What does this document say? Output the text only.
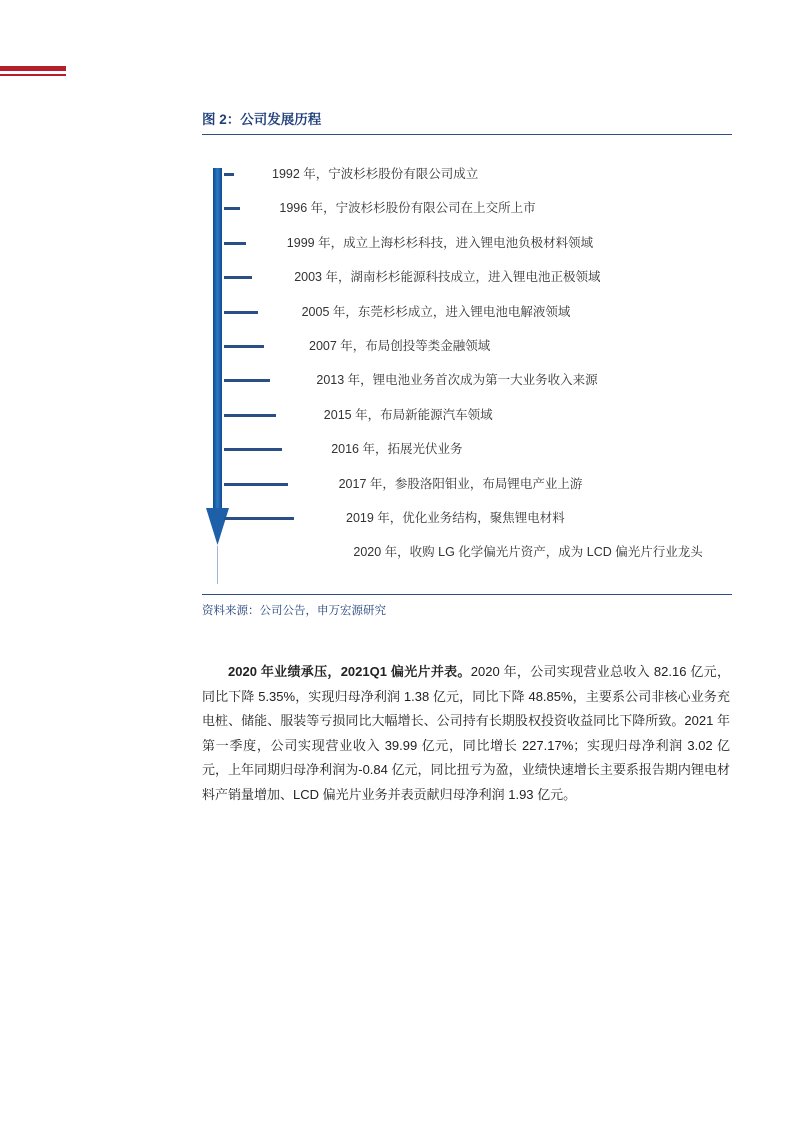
图 2：公司发展历程
1992 年，宁波杉杉股份有限公司成立
1996 年，宁波杉杉股份有限公司在上交所上市
1999 年，成立上海杉杉科技，进入锂电池负极材料领域
2003 年，湖南杉杉能源科技成立，进入锂电池正极领域
2005 年，东莞杉杉成立，进入锂电池电解液领域
2007 年，布局创投等类金融领域
2013 年，锂电池业务首次成为第一大业务收入来源
2015 年，布局新能源汽车领域
2016 年，拓展光伏业务
2017 年，参股洛阳钼业，布局锂电产业上游
2019 年，优化业务结构，聚焦锂电材料
2020 年，收购 LG 化学偏光片资产，成为 LCD 偏光片行业龙头
资料来源：公司公告，申万宏源研究
2020 年业绩承压，2021Q1 偏光片并表。2020 年，公司实现营业总收入 82.16 亿元，同比下降 5.35%，实现归母净利润 1.38 亿元，同比下降 48.85%，主要系公司非核心业务充电桩、储能、服装等亏损同比大幅增长、公司持有长期股权投资收益同比下降所致。2021 年第一季度，公司实现营业收入 39.99 亿元，同比增长 227.17%；实现归母净利润 3.02 亿元，上年同期归母净利润为-0.84 亿元，同比扭亏为盈，业绩快速增长主要系报告期内锂电材料产销量增加、LCD 偏光片业务并表贡献归母净利润 1.93 亿元。
